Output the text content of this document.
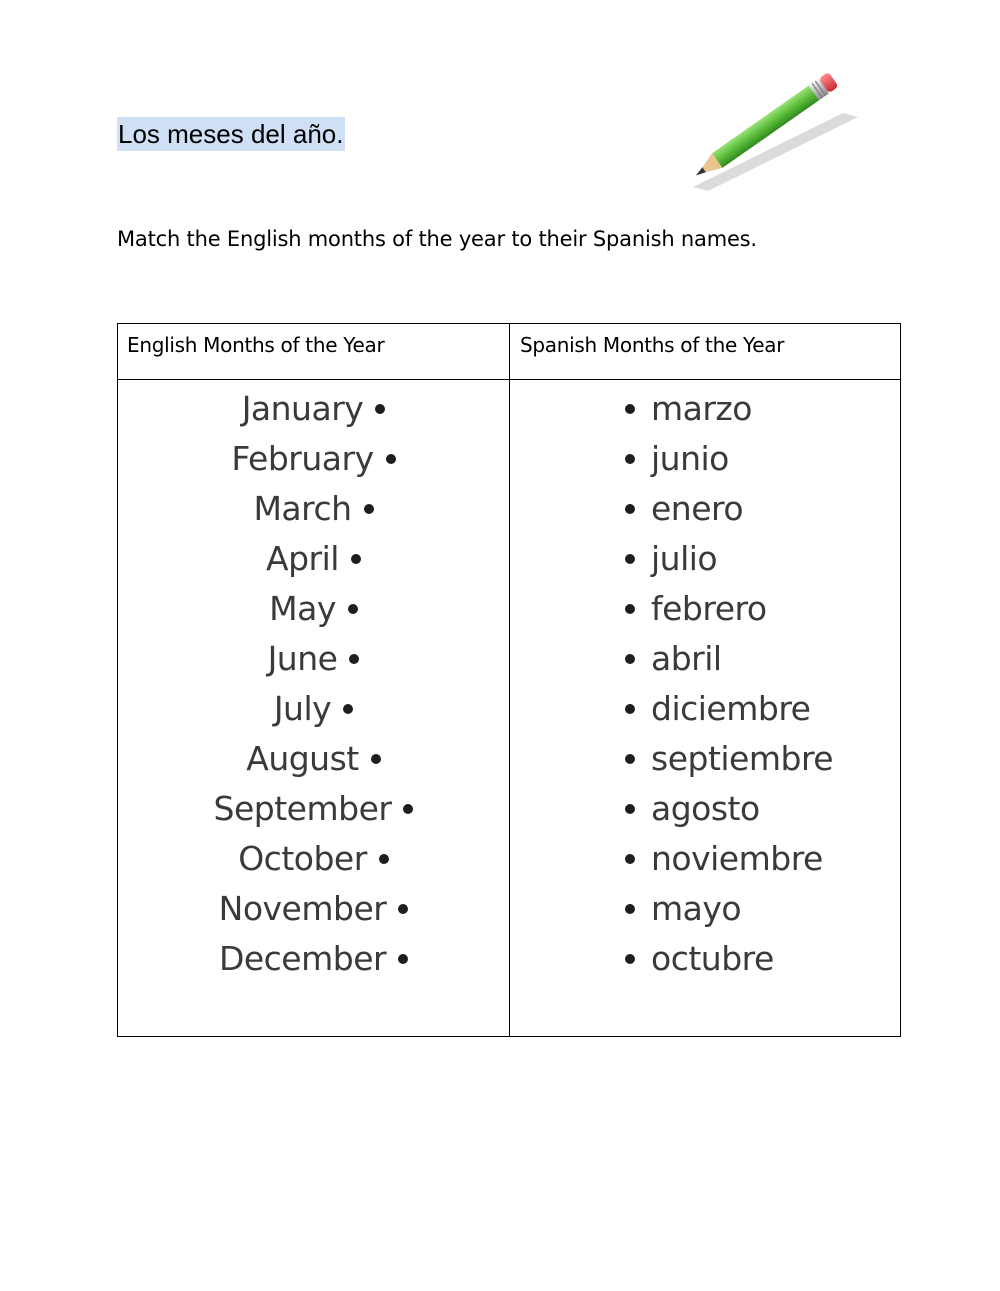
Los meses del año.
Match the English months of the year to their Spanish names.
English Months of the Year	Spanish Months of the Year
January
February
March
April
May
June
July
August
September
October
November
December
marzo
junio
enero
julio
febrero
abril
diciembre
septiembre
agosto
noviembre
mayo
octubre
